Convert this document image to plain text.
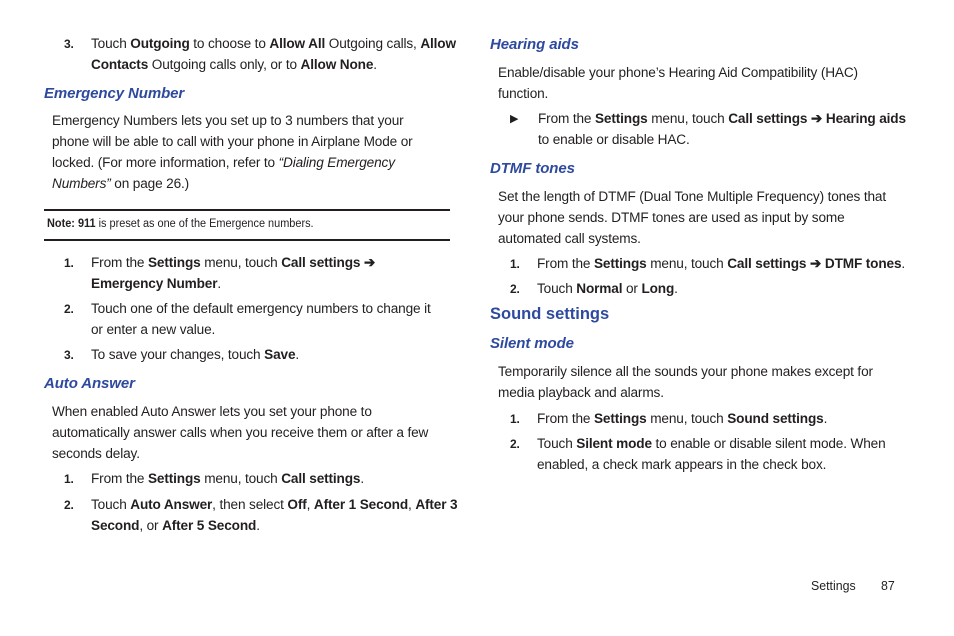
3.	Touch Outgoing to choose to Allow All Outgoing calls, Allow
Contacts Outgoing calls only, or to Allow None.
Emergency Number
Emergency Numbers lets you set up to 3 numbers that your
phone will be able to call with your phone in Airplane Mode or
locked. (For more information, refer to “Dialing Emergency
Numbers” on page 26.)
Note: 911 is preset as one of the Emergence numbers.
1.	From the Settings menu, touch Call settings ➔
Emergency Number.
2.	Touch one of the default emergency numbers to change it
or enter a new value.
3.	To save your changes, touch Save.
Auto Answer
When enabled Auto Answer lets you set your phone to
automatically answer calls when you receive them or after a few
seconds delay.
1.	From the Settings menu, touch Call settings.
2.	Touch Auto Answer, then select Off, After 1 Second, After 3
Second, or After 5 Second.
Hearing aids
Enable/disable your phone’s Hearing Aid Compatibility (HAC)
function.
▶ From the Settings menu, touch Call settings ➔ Hearing aids
to enable or disable HAC.
DTMF tones
Set the length of DTMF (Dual Tone Multiple Frequency) tones that
your phone sends. DTMF tones are used as input by some
automated call systems.
1.	From the Settings menu, touch Call settings ➔ DTMF tones.
2.	Touch Normal or Long.
Sound settings
Silent mode
Temporarily silence all the sounds your phone makes except for
media playback and alarms.
1.	From the Settings menu, touch Sound settings.
2.	Touch Silent mode to enable or disable silent mode. When
enabled, a check mark appears in the check box.
Settings 87
